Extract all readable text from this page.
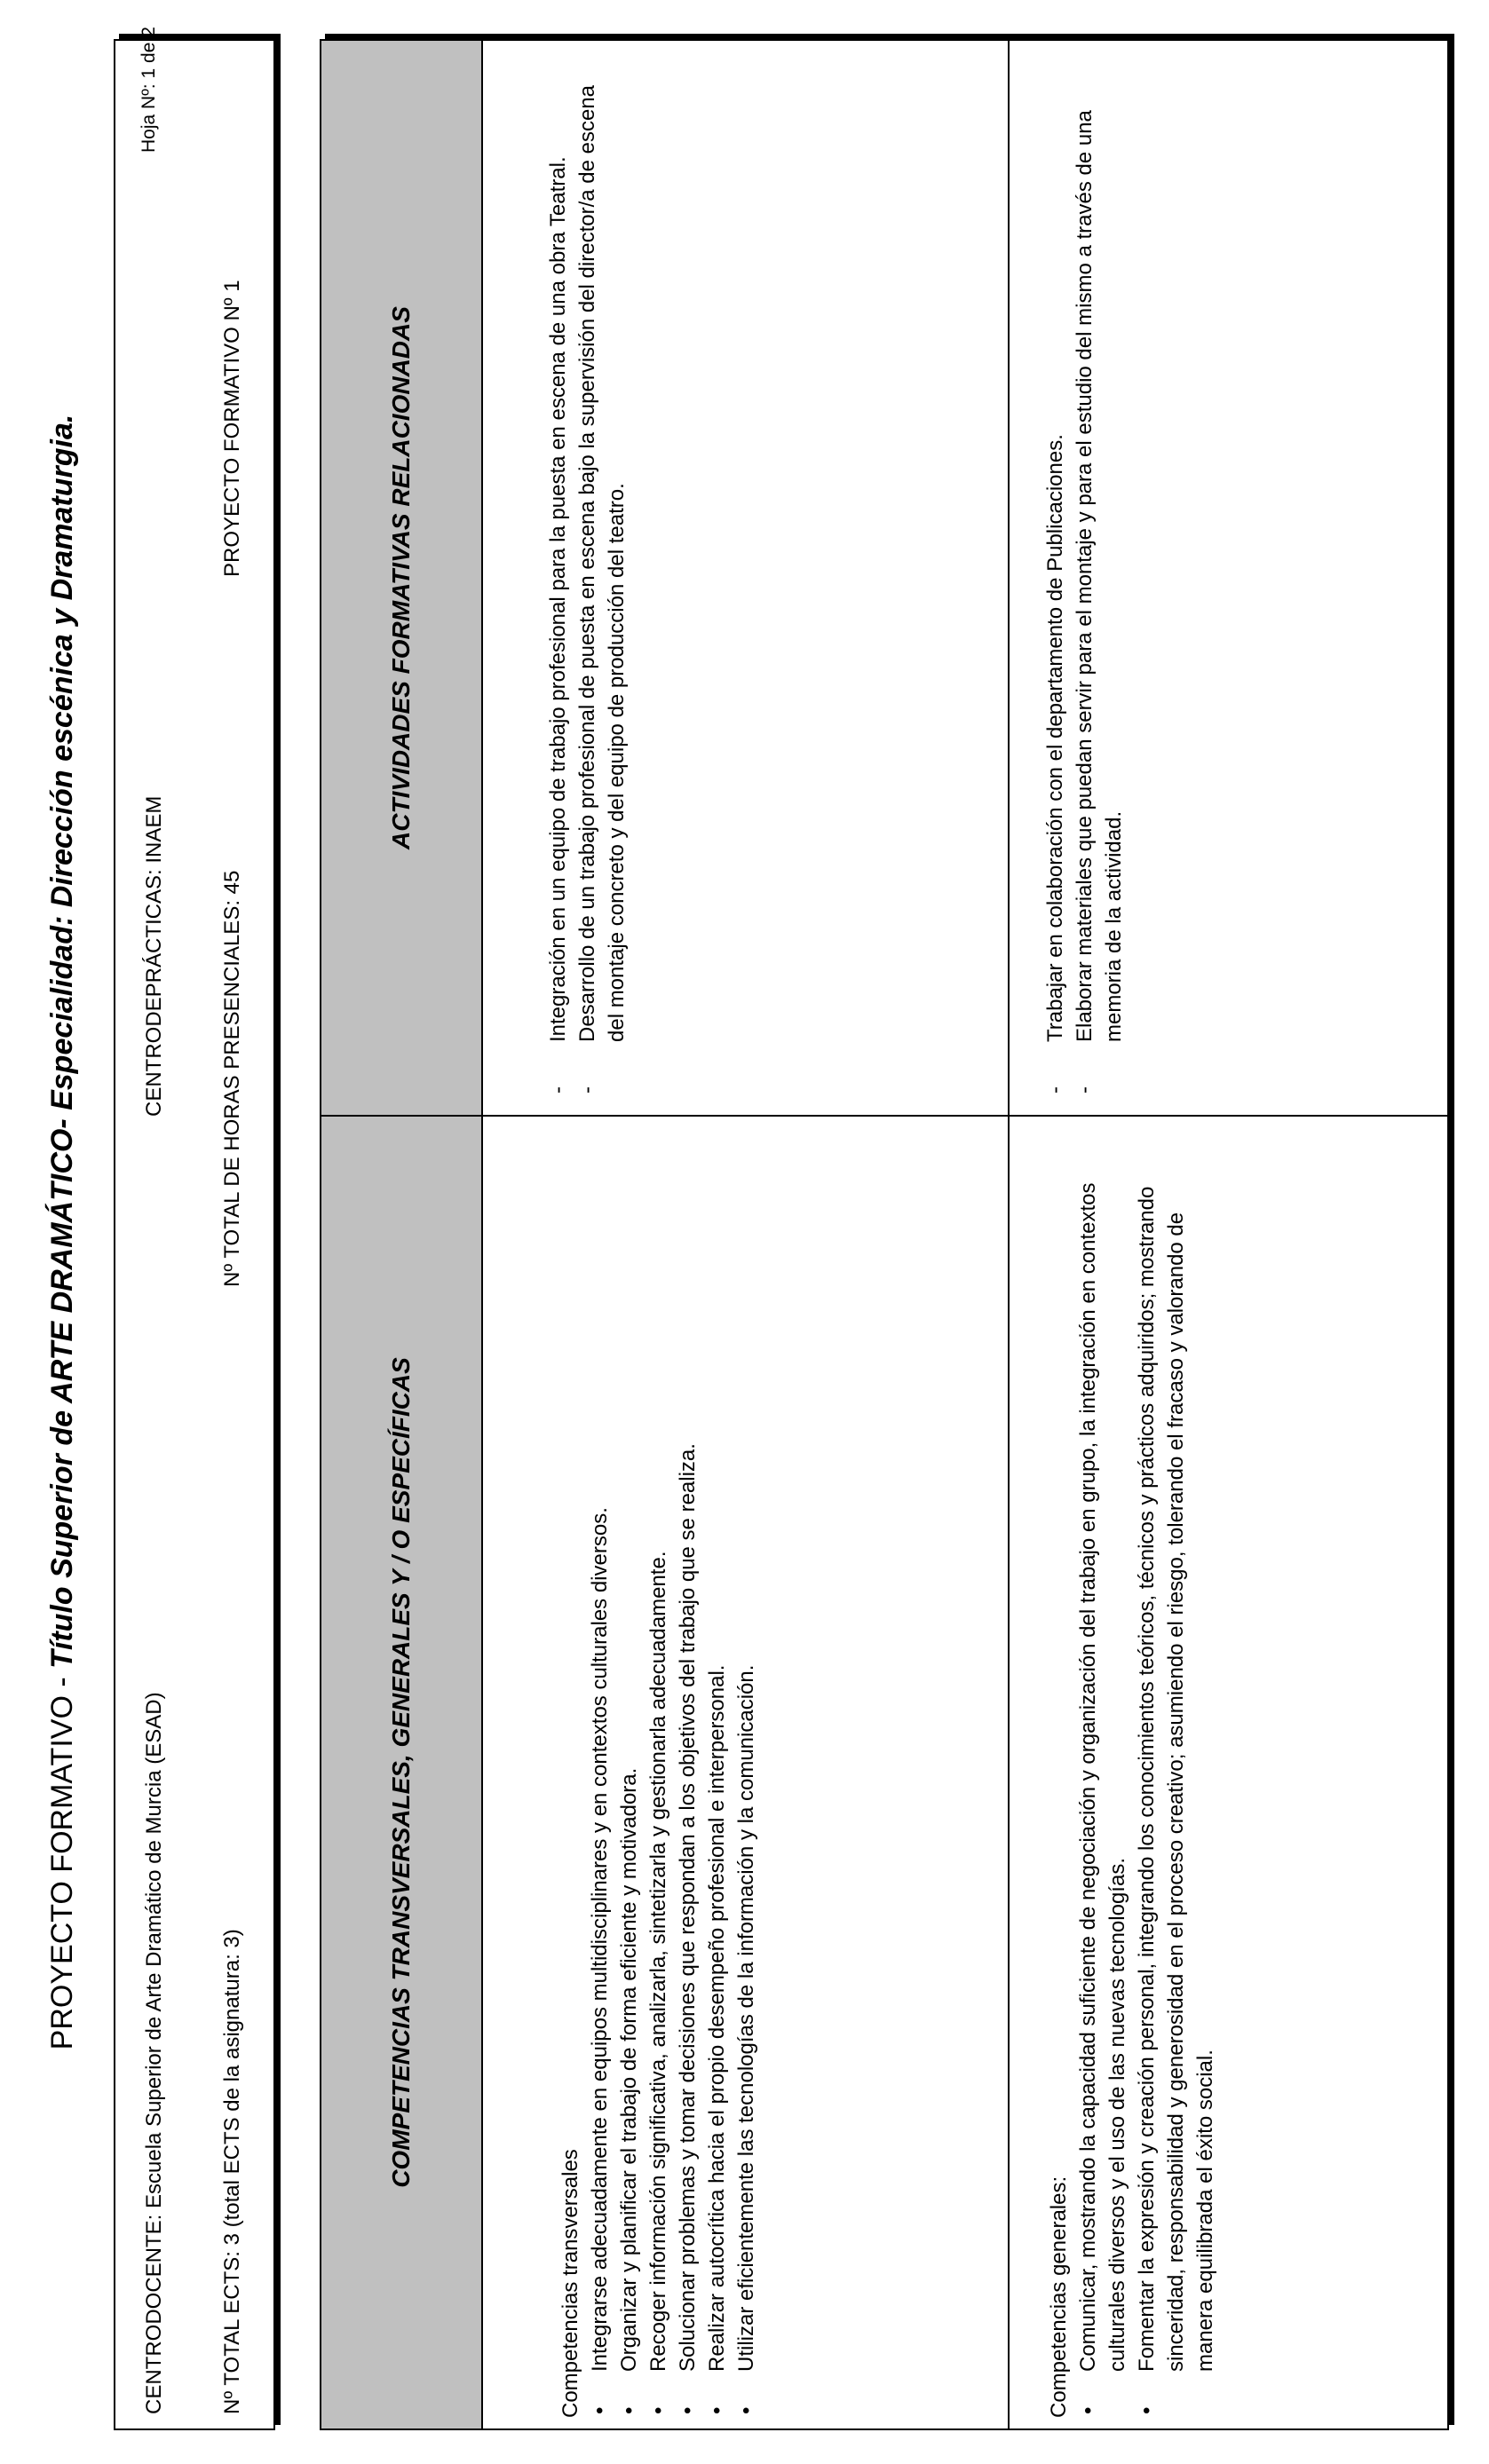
PROYECTO FORMATIVO - Título Superior de ARTE DRAMÁTICO- Especialidad: Dirección escénica y Dramaturgia.
CENTRODOCENTE: Escuela Superior de Arte Dramático de Murcia (ESAD)
CENTRODEPRÁCTICAS: INAEM
Hoja Nº: 1 de 2
Nº TOTAL ECTS: 3 (total ECTS de la asignatura: 3)
Nº TOTAL DE HORAS PRESENCIALES: 45
PROYECTO FORMATIVO Nº 1
COMPETENCIAS TRANSVERSALES, GENERALES Y / O ESPECÍFICAS
ACTIVIDADES FORMATIVAS RELACIONADAS

Competencias transversales •
Integrarse adecuadamente en equipos multidisciplinares y en contextos culturales diversos.
•
Organizar y planificar el trabajo de forma eficiente y motivadora.
•
Recoger información significativa, analizarla, sintetizarla y gestionarla adecuadamente.
•
Solucionar problemas y tomar decisiones que respondan a los objetivos del trabajo que se realiza.
•
Realizar autocrítica hacia el propio desempeño profesional e interpersonal.
•
Utilizar eficientemente las tecnologías de la información y la comunicación.
-
Integración en un equipo de trabajo profesional para la puesta en escena de una obra Teatral.
-
Desarrollo de un trabajo profesional de puesta en escena bajo la supervisión del director/a de escena del montaje concreto y del equipo de producción del teatro.

Competencias generales: •
Comunicar, mostrando la capacidad suficiente de negociación y organización del trabajo en grupo, la integración en contextos culturales diversos y el uso de las nuevas tecnologías.
•
Fomentar la expresión y creación personal, integrando los conocimientos teóricos, técnicos y prácticos adquiridos; mostrando sinceridad, responsabilidad y generosidad en el proceso creativo; asumiendo el riesgo, tolerando el fracaso y valorando de manera equilibrada el éxito social.
-
Trabajar en colaboración con el departamento de Publicaciones.
-
Elaborar materiales que puedan servir para el montaje y para el estudio del mismo a través de una memoria de la actividad.
